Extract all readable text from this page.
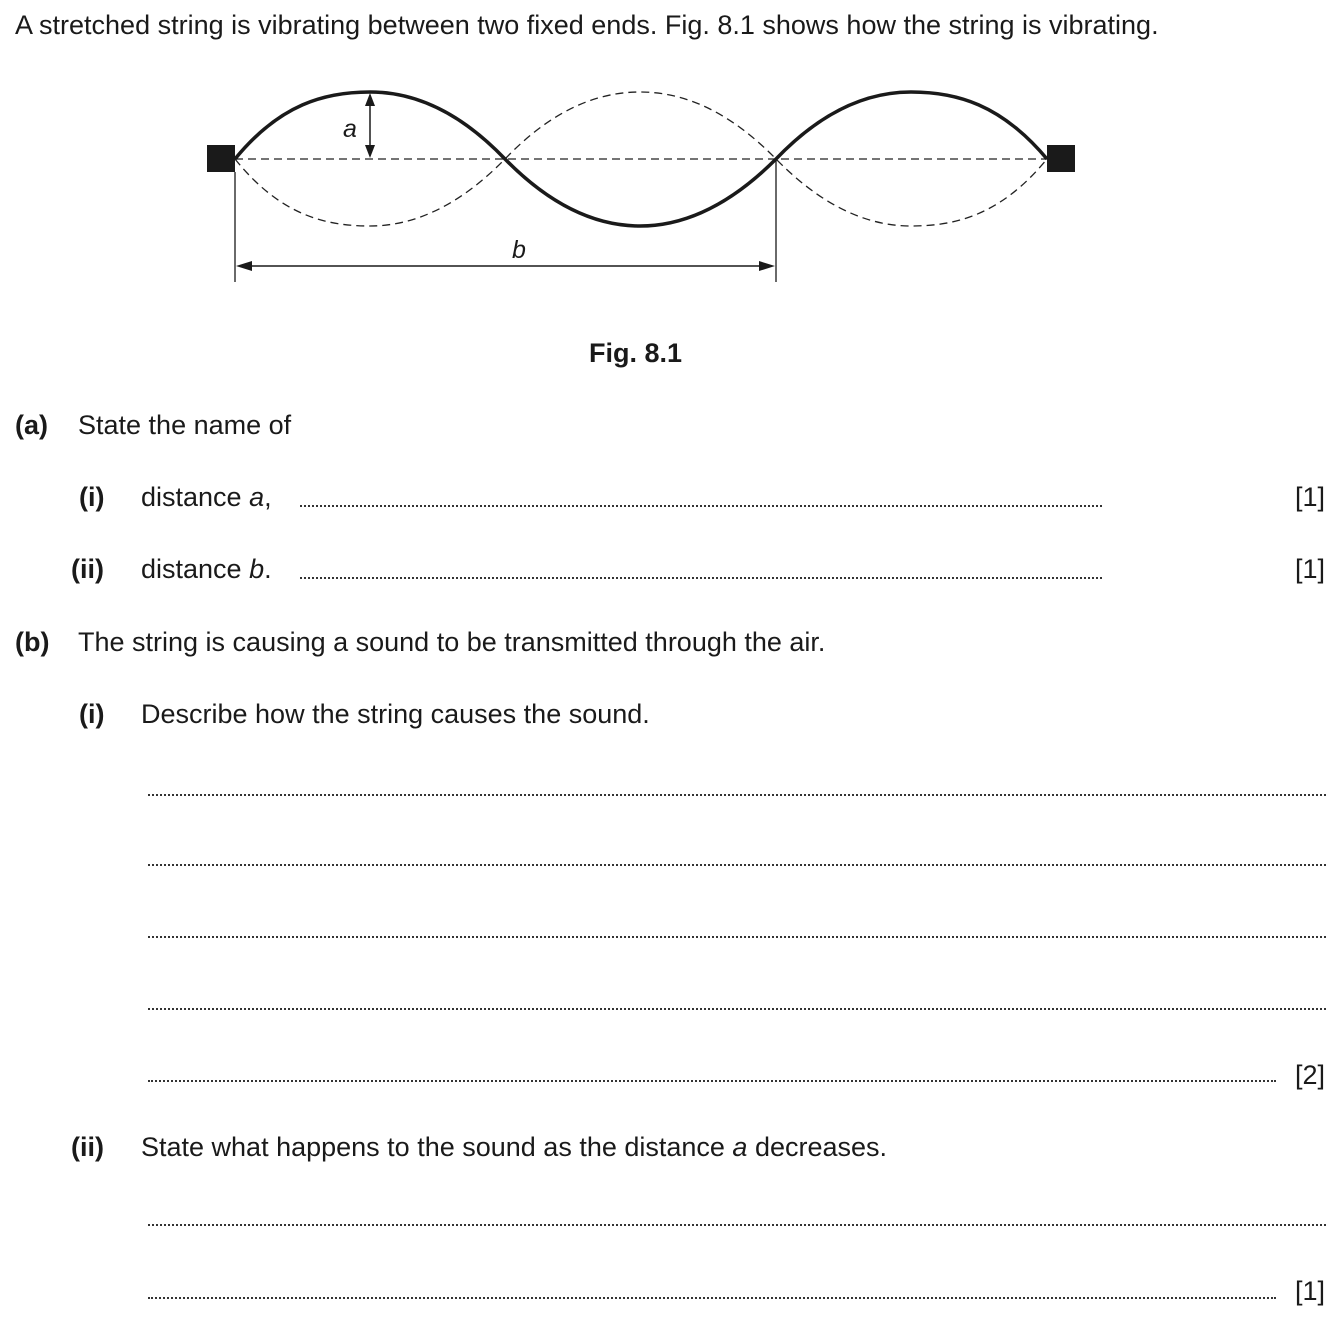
A stretched string is vibrating between two fixed ends. Fig. 8.1 shows how the string is vibrating.
a
b
Fig. 8.1
(a) State the name of
(i) distance a,	[1]
(ii) distance b.	[1]
(b) The string is causing a sound to be transmitted through the air.
(i) Describe how the string causes the sound.
[2]
(ii) State what happens to the sound as the distance a decreases.
[1]
